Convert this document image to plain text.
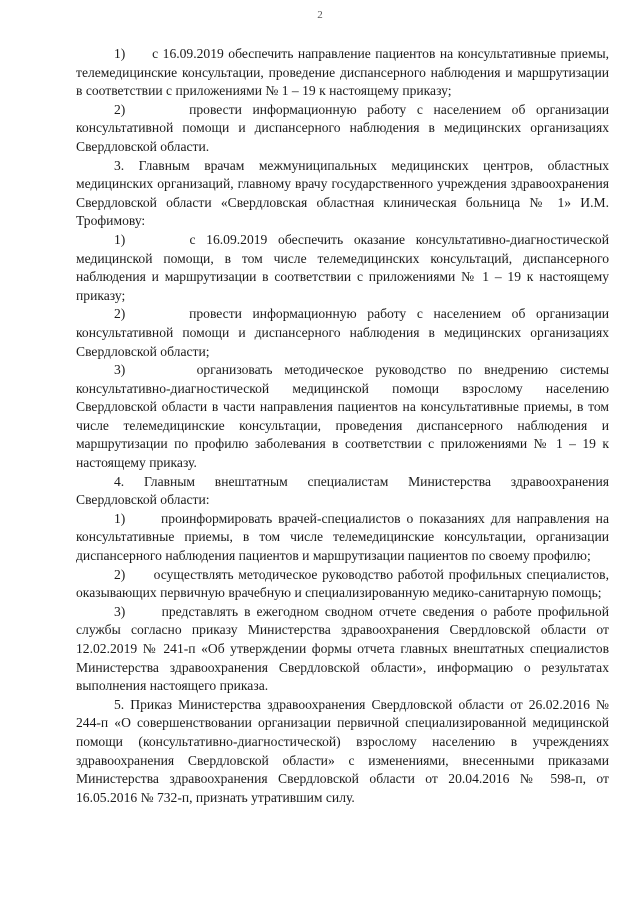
2

1)      с 16.09.2019 обеспечить направление пациентов на консультативные приемы, телемедицинские консультации, проведение диспансерного наблюдения и маршрутизации в соответствии с приложениями № 1 – 19 к настоящему приказу;

2)      провести информационную работу с населением об организации консультативной помощи и диспансерного наблюдения в медицинских организациях Свердловской области.

3. Главным врачам межмуниципальных медицинских центров, областных медицинских организаций, главному врачу государственного учреждения здравоохранения Свердловской области «Свердловская областная клиническая больница № 1» И.М. Трофимову:

1)      с 16.09.2019 обеспечить оказание консультативно-диагностической медицинской помощи, в том числе телемедицинских консультаций, диспансерного наблюдения и маршрутизации в соответствии с приложениями № 1 – 19 к настоящему приказу;

2)      провести информационную работу с населением об организации консультативной помощи и диспансерного наблюдения в медицинских организациях Свердловской области;

3)      организовать методическое руководство по внедрению системы консультативно-диагностической медицинской помощи взрослому населению Свердловской области в части направления пациентов на консультативные приемы, в том числе телемедицинские консультации, проведения диспансерного наблюдения и маршрутизации по профилю заболевания в соответствии с приложениями № 1 – 19 к настоящему приказу.

4. Главным внештатным специалистам Министерства здравоохранения Свердловской области:

1)      проинформировать врачей-специалистов о показаниях для направления на консультативные приемы, в том числе телемедицинские консультации, организации диспансерного наблюдения пациентов и маршрутизации пациентов по своему профилю;

2)      осуществлять методическое руководство работой профильных специалистов, оказывающих первичную врачебную и специализированную медико-санитарную помощь;

3)      представлять в ежегодном сводном отчете сведения о работе профильной службы согласно приказу Министерства здравоохранения Свердловской области от 12.02.2019 № 241-п «Об утверждении формы отчета главных внештатных специалистов Министерства здравоохранения Свердловской области», информацию о результатах выполнения настоящего приказа.

5. Приказ Министерства здравоохранения Свердловской области от 26.02.2016 № 244-п «О совершенствовании организации первичной специализированной медицинской помощи (консультативно-диагностической) взрослому населению в учреждениях здравоохранения Свердловской области» с изменениями, внесенными приказами Министерства здравоохранения Свердловской области от 20.04.2016 № 598-п, от 16.05.2016 № 732-п, признать утратившим силу.
